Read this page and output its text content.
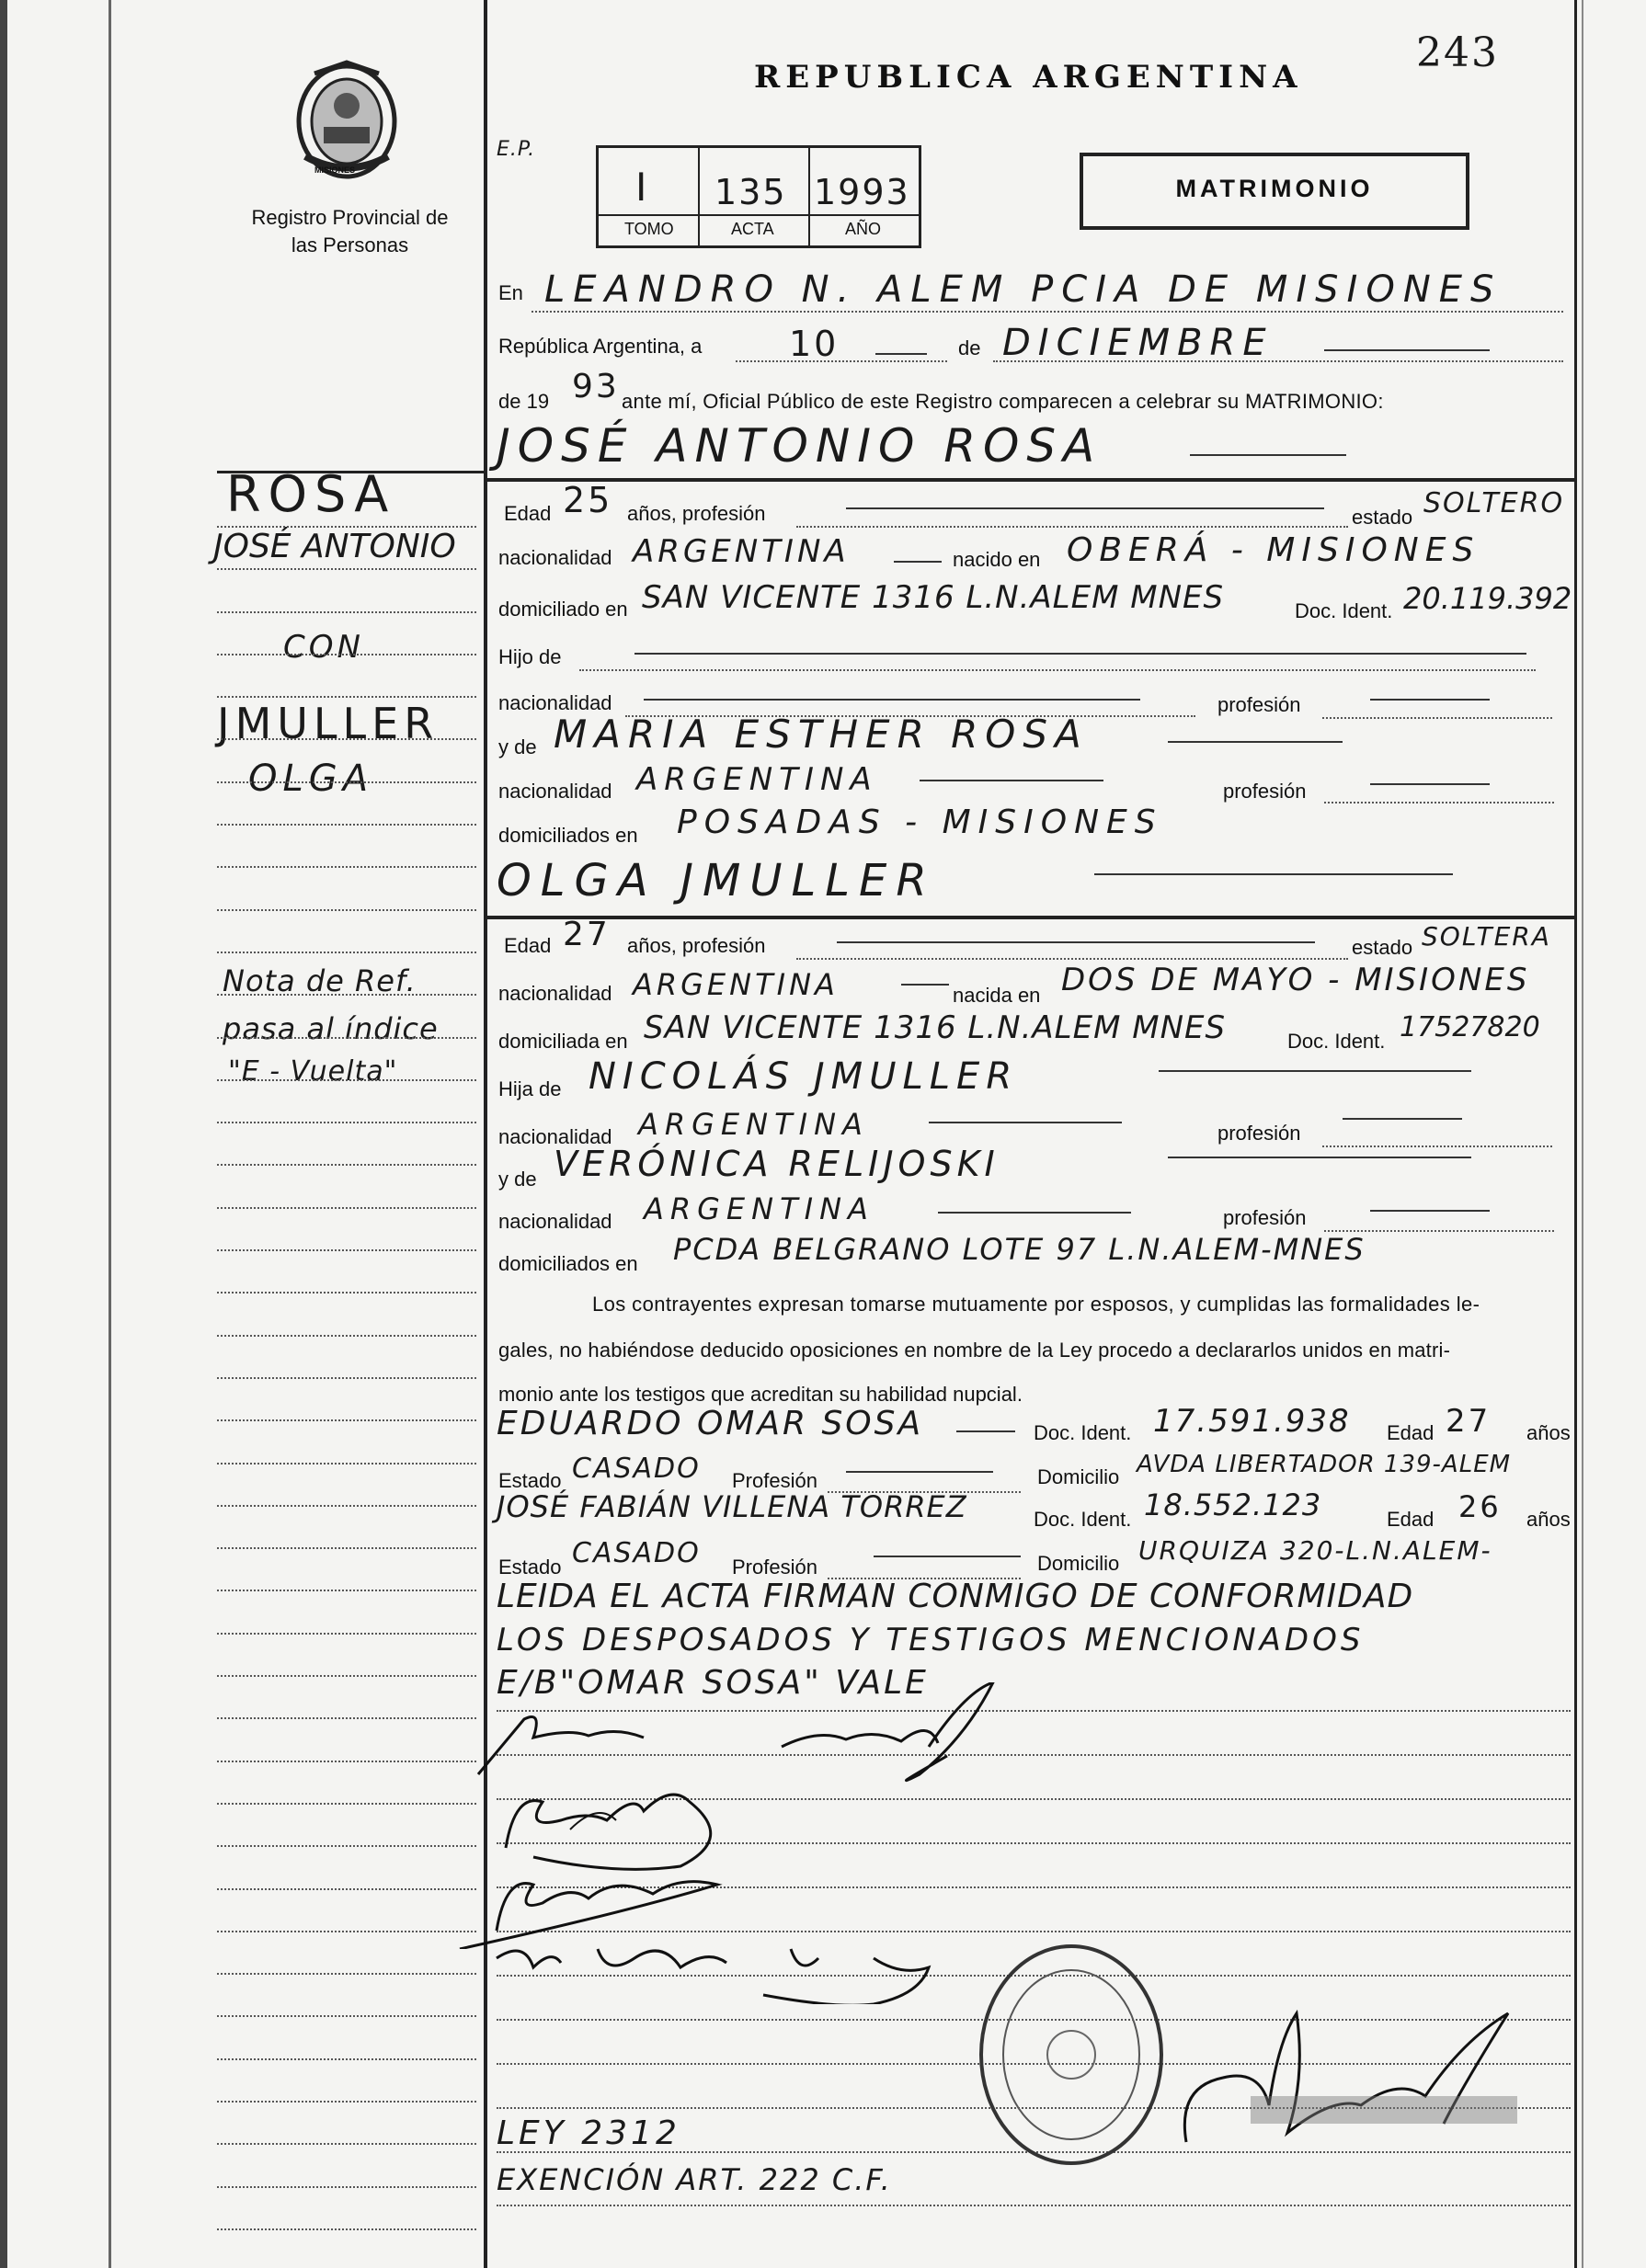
243
MISIONES
Registro Provincial de las Personas
REPUBLICA ARGENTINA
E.P.
I 135 1993
TOMO	ACTA	AÑO
MATRIMONIO
En LEANDRO N. ALEM PCIA DE MISIONES
República Argentina, a 10	de DICIEMBRE
de 19 93 ante mí, Oficial Público de este Registro comparecen a celebrar su MATRIMONIO:
JOSÉ ANTONIO ROSA
Edad 25 años, profesión	estado SOLTERO
nacionalidad ARGENTINA	nacido en OBERÁ - MISIONES
domiciliado en SAN VICENTE 1316 L.N.ALEM MNES	Doc. Ident. 20.119.392
Hijo de
nacionalidad	profesión
y de MARIA ESTHER ROSA
nacionalidad ARGENTINA	profesión
domiciliados en POSADAS - MISIONES
OLGA JMULLER
Edad 27 años, profesión	estado SOLTERA
nacionalidad ARGENTINA	nacida en DOS DE MAYO - MISIONES
domiciliada en SAN VICENTE 1316 L.N.ALEM MNES	Doc. Ident. 17527820
Hija de NICOLÁS JMULLER
nacionalidad ARGENTINA	profesión
y de VERÓNICA RELIJOSKI
nacionalidad ARGENTINA	profesión
domiciliados en PCDA BELGRANO LOTE 97 L.N.ALEM-MNES
Los contrayentes expresan tomarse mutuamente por esposos, y cumplidas las formalidades le-
gales, no habiéndose deducido oposiciones en nombre de la Ley procedo a declararlos unidos en matri-
monio ante los testigos que acreditan su habilidad nupcial.
EDUARDO OMAR SOSA	Doc. Ident. 17.591.938 Edad 27 años
Estado CASADO Profesión	Domicilio AVDA LIBERTADOR 139-ALEM
JOSÉ FABIÁN VILLENA TORREZ	Doc. Ident. 18.552.123	Edad 26 años
Estado CASADO Profesión	Domicilio URQUIZA 320-L.N.ALEM-
LEIDA EL ACTA FIRMAN CONMIGO DE CONFORMIDAD
LOS DESPOSADOS Y TESTIGOS MENCIONADOS
E/B"OMAR SOSA" VALE
LEY 2312
EXENCIÓN ART. 222 C.F.
ROSA
JOSÉ ANTONIO
CON
JMULLER
OLGA
Nota de Ref.
pasa al índice
"E - Vuelta"
